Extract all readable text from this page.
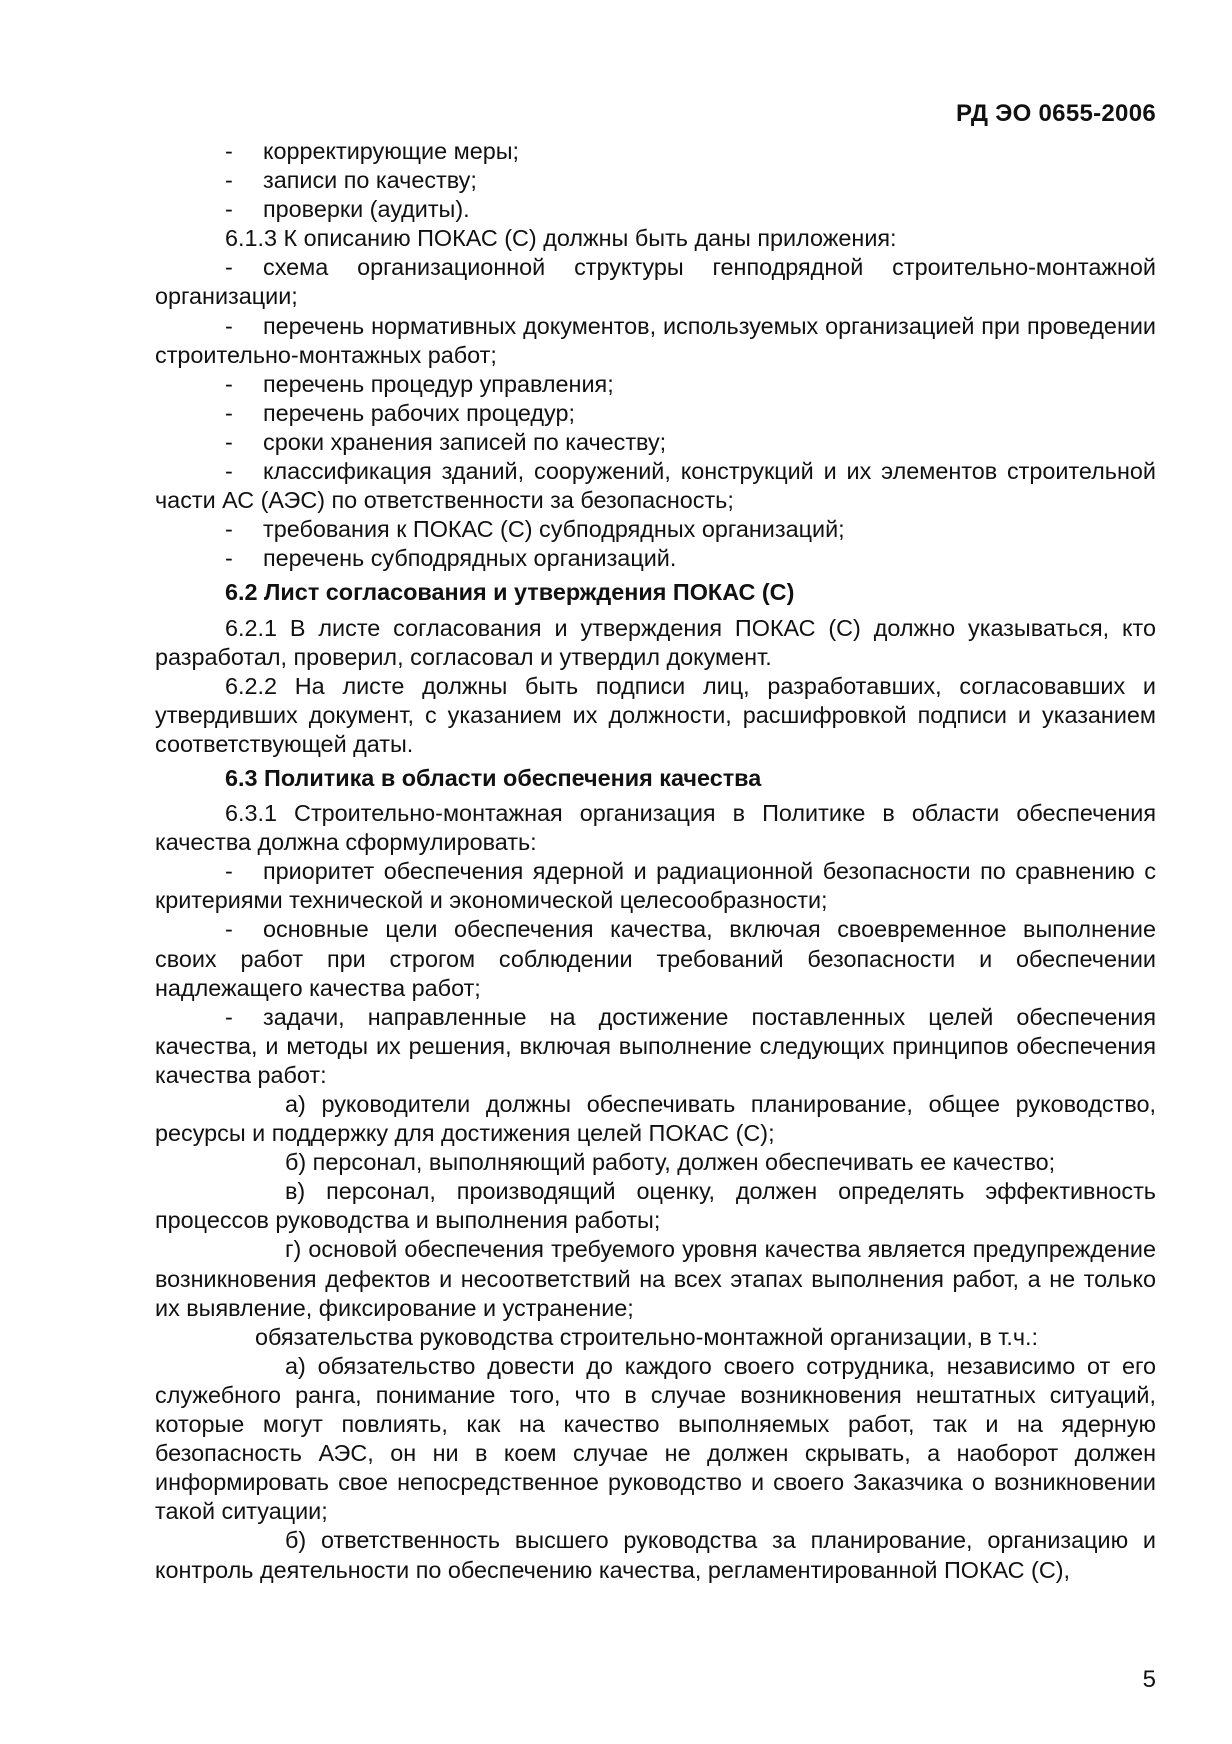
РД ЭО 0655-2006

- корректирующие меры;

- записи по качеству;

- проверки (аудиты).

6.1.3 К описанию ПОКАС (С) должны быть даны приложения:

- схема организационной структуры генподрядной строительно-монтажной организации;

- перечень нормативных документов, используемых организацией при проведении строительно-монтажных работ;

- перечень процедур управления;

- перечень рабочих процедур;

- сроки хранения записей по качеству;

- классификация зданий, сооружений, конструкций и их элементов строительной части АС (АЭС) по ответственности за безопасность;

- требования к ПОКАС (С) субподрядных организаций;

- перечень субподрядных организаций.

6.2 Лист согласования и утверждения ПОКАС (С)

6.2.1 В листе согласования и утверждения ПОКАС (С) должно указываться, кто разработал, проверил, согласовал и утвердил документ.

6.2.2 На листе должны быть подписи лиц, разработавших, согласовавших и утвердивших документ, с указанием их должности, расшифровкой подписи и указанием соответствующей даты.

6.3 Политика в области обеспечения качества

6.3.1 Строительно-монтажная организация в Политике в области обеспечения качества должна сформулировать:

- приоритет обеспечения ядерной и радиационной безопасности по сравнению с критериями технической и экономической целесообразности;

- основные цели обеспечения качества, включая своевременное выполнение своих работ при строгом соблюдении требований безопасности и обеспечении надлежащего качества работ;

- задачи, направленные на достижение поставленных целей обеспечения качества, и методы их решения, включая выполнение следующих принципов обеспечения качества работ:

а) руководители должны обеспечивать планирование, общее руководство, ресурсы и поддержку для достижения целей ПОКАС (С);

б) персонал, выполняющий работу, должен обеспечивать ее качество;

в) персонал, производящий оценку, должен определять эффективность процессов руководства и выполнения работы;

г) основой обеспечения требуемого уровня качества является предупреждение возникновения дефектов и несоответствий на всех этапах выполнения работ, а не только их выявление, фиксирование и устранение;

обязательства руководства строительно-монтажной организации, в т.ч.:

а) обязательство довести до каждого своего сотрудника, независимо от его служебного ранга, понимание того, что в случае возникновения нештатных ситуаций, которые могут повлиять, как на качество выполняемых работ, так и на ядерную безопасность АЭС, он ни в коем случае не должен скрывать, а наоборот должен информировать свое непосредственное руководство и своего Заказчика о возникновении такой ситуации;

б) ответственность высшего руководства за планирование, организацию и контроль деятельности по обеспечению качества, регламентированной ПОКАС (С),

5
